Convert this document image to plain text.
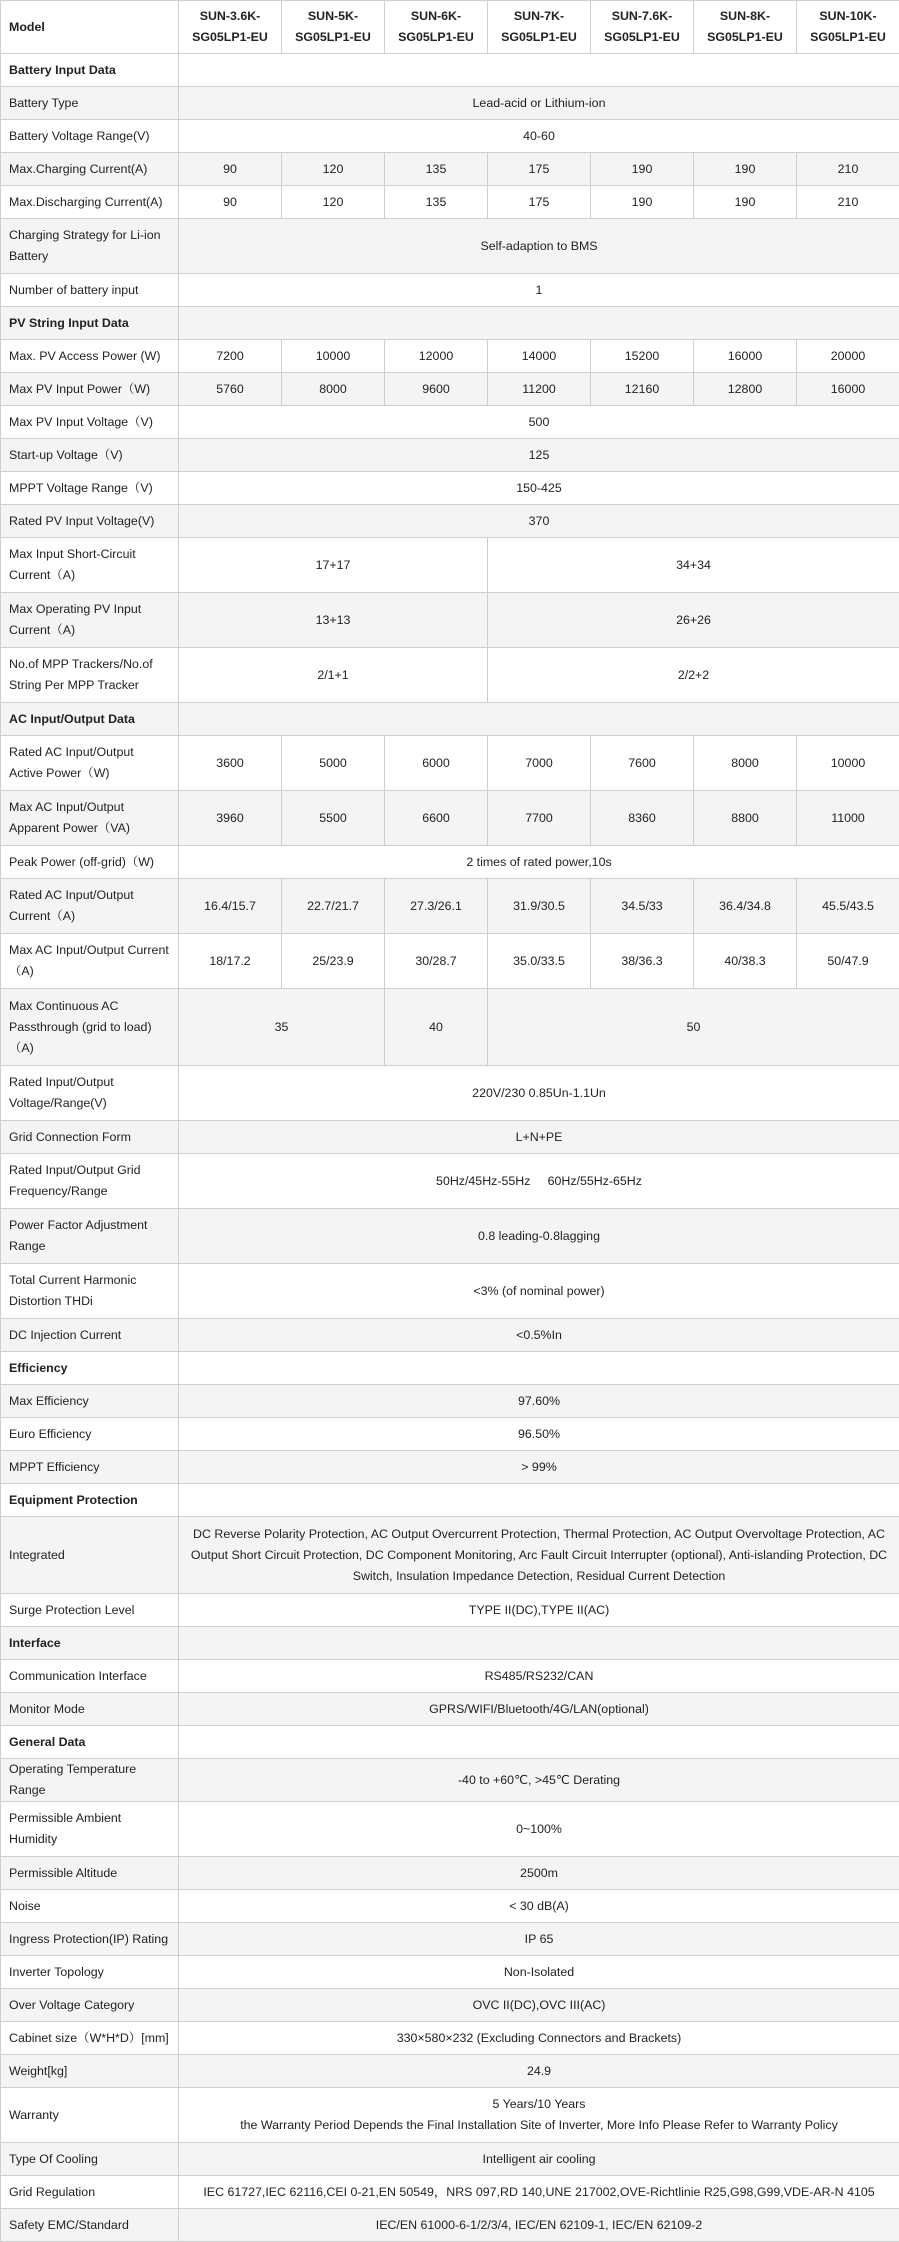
Model	SUN-3.6K-SG05LP1-EU	SUN-5K-SG05LP1-EU	SUN-6K-SG05LP1-EU	SUN-7K-SG05LP1-EU	SUN-7.6K-SG05LP1-EU	SUN-8K-SG05LP1-EU	SUN-10K-SG05LP1-EU
Battery Input Data							
Battery Type	Lead-acid or Lithium-ion						
Battery Voltage Range(V)	40-60						
Max.Charging Current(A)	90	120	135	175	190	190	210
Max.Discharging Current(A)	90	120	135	175	190	190	210
Charging Strategy for Li-ion Battery	Self-adaption to BMS						
Number of battery input	1						
PV String Input Data							
Max. PV Access Power (W)	7200	10000	12000	14000	15200	16000	20000
Max PV Input Power（W)	5760	8000	9600	11200	12160	12800	16000
Max PV Input Voltage（V)	500						
Start-up Voltage（V)	125						
MPPT Voltage Range（V)	150-425						
Rated PV Input Voltage(V)	370						
Max Input Short-Circuit Current（A)	17+17			34+34			
Max Operating PV Input Current（A)	13+13			26+26			
No.of MPP Trackers/No.of String Per MPP Tracker	2/1+1			2/2+2			
AC Input/Output Data							
Rated AC Input/Output Active Power（W)	3600	5000	6000	7000	7600	8000	10000
Max AC Input/Output Apparent Power（VA)	3960	5500	6600	7700	8360	8800	11000
Peak Power (off-grid)（W)	2 times of rated power,10s						
Rated AC Input/Output Current（A)	16.4/15.7	22.7/21.7	27.3/26.1	31.9/30.5	34.5/33	36.4/34.8	45.5/43.5
Max AC Input/Output Current（A)	18/17.2	25/23.9	30/28.7	35.0/33.5	38/36.3	40/38.3	50/47.9
Max Continuous AC Passthrough (grid to load)（A)	35		40	50			
Rated Input/Output Voltage/Range(V)	220V/230 0.85Un-1.1Un						
Grid Connection Form	L+N+PE						
Rated Input/Output Grid Frequency/Range	50Hz/45Hz-55Hz     60Hz/55Hz-65Hz						
Power Factor Adjustment Range	0.8 leading-0.8lagging						
Total Current Harmonic Distortion THDi	<3% (of nominal power)						
DC Injection Current	<0.5%In						
Efficiency							
Max Efficiency	97.60%						
Euro Efficiency	96.50%						
MPPT Efficiency	> 99%						
Equipment Protection							
Integrated	DC Reverse Polarity Protection, AC Output Overcurrent Protection, Thermal Protection, AC Output Overvoltage Protection, AC Output Short Circuit Protection, DC Component Monitoring, Arc Fault Circuit Interrupter (optional), Anti-islanding Protection, DC Switch, Insulation Impedance Detection, Residual Current Detection						
Surge Protection Level	TYPE II(DC),TYPE II(AC)						
Interface							
Communication Interface	RS485/RS232/CAN						
Monitor Mode	GPRS/WIFI/Bluetooth/4G/LAN(optional)						
General Data							
Operating Temperature Range	-40 to +60℃, >45℃ Derating						
Permissible Ambient Humidity	0~100%						
Permissible Altitude	2500m						
Noise	< 30 dB(A)						
Ingress Protection(IP) Rating	IP 65						
Inverter Topology	Non-Isolated						
Over Voltage Category	OVC II(DC),OVC III(AC)						
Cabinet size（W*H*D）[mm]	330×580×232 (Excluding Connectors and Brackets)						
Weight[kg]	24.9						
Warranty	5 Years/10 Years
the Warranty Period Depends the Final Installation Site of Inverter, More Info Please Refer to Warranty Policy						
Type Of Cooling	Intelligent air cooling						
Grid Regulation	IEC 61727,IEC 62116,CEI 0-21,EN 50549，NRS 097,RD 140,UNE 217002,OVE-Richtlinie R25,G98,G99,VDE-AR-N 4105						
Safety EMC/Standard	IEC/EN 61000-6-1/2/3/4, IEC/EN 62109-1, IEC/EN 62109-2						
